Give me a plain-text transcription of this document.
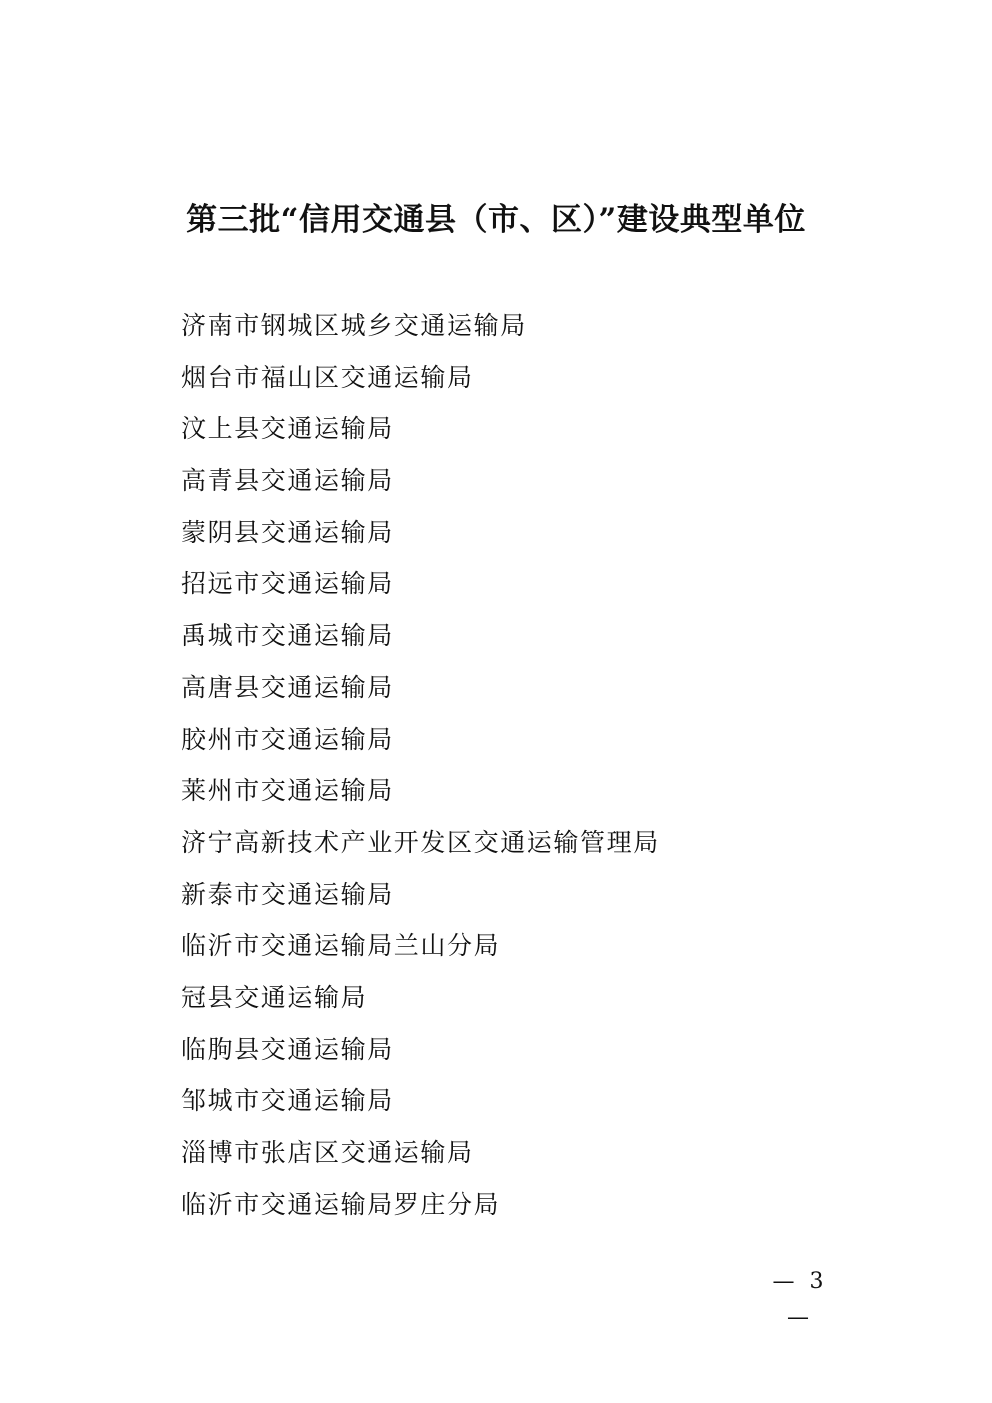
第三批“信用交通县（市、区）”建设典型单位
济南市钢城区城乡交通运输局
烟台市福山区交通运输局
汶上县交通运输局
高青县交通运输局
蒙阴县交通运输局
招远市交通运输局
禹城市交通运输局
高唐县交通运输局
胶州市交通运输局
莱州市交通运输局
济宁高新技术产业开发区交通运输管理局
新泰市交通运输局
临沂市交通运输局兰山分局
冠县交通运输局
临朐县交通运输局
邹城市交通运输局
淄博市张店区交通运输局
临沂市交通运输局罗庄分局
— 3 —
